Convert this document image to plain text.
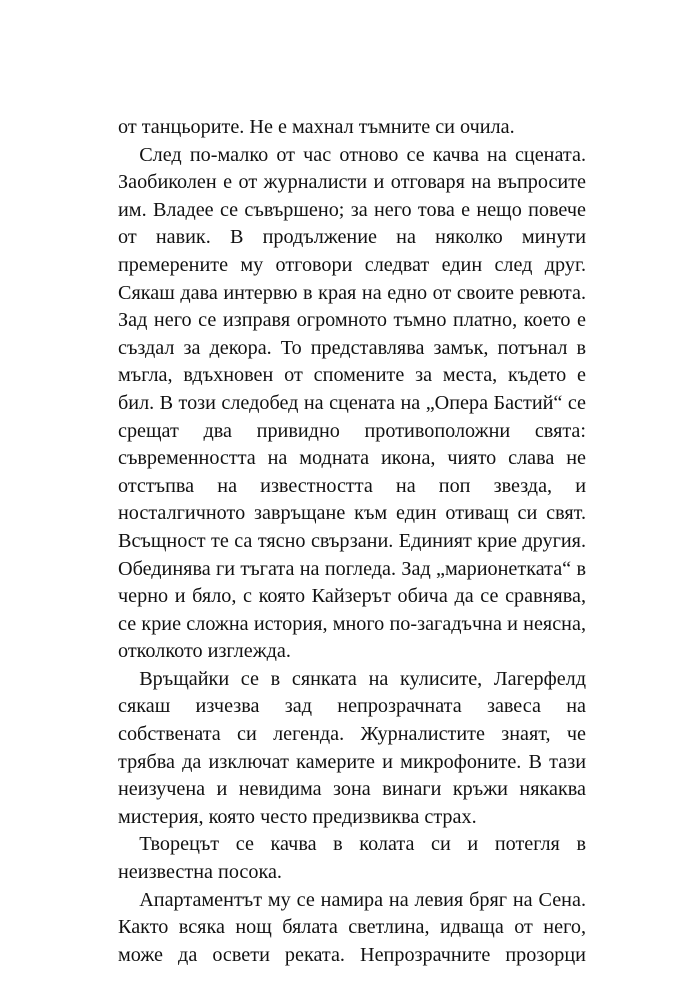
от танцьорите. Не е махнал тъмните си очила.

След по-малко от час отново се качва на сцената.
Заобиколен е от журналисти и отговаря на въпросите
им. Владее се съвършено; за него това е нещо повече
от навик. В продължение на няколко минути
премерените му отговори следват един след друг.
Сякаш дава интервю в края на едно от своите ревюта.
Зад него се изправя огромното тъмно платно, което е
създал за декора. То представлява замък, потънал в
мъгла, вдъхновен от спомените за места, където е
бил. В този следобед на сцената на „Опера Бастий“ се
срещат два привидно противоположни свята:
съвременността на модната икона, чиято слава не
отстъпва на известността на поп звезда, и
носталгичното завръщане към един отиващ си свят.
Всъщност те са тясно свързани. Единият крие другия.
Обединява ги тъгата на погледа. Зад „марионетката“ в
черно и бяло, с която Кайзерът обича да се сравнява,
се крие сложна история, много по-загадъчна и неясна,
отколкото изглежда.

Връщайки се в сянката на кулисите, Лагерфелд
сякаш изчезва зад непрозрачната завеса на
собствената си легенда. Журналистите знаят, че
трябва да изключат камерите и микрофоните. В тази
неизучена и невидима зона винаги кръжи някаква
мистерия, която често предизвиква страх.

Творецът се качва в колата си и потегля в
неизвестна посока.

Апартаментът му се намира на левия бряг на Сена.
Както всяка нощ бялата светлина, идваща от него,
може да освети реката. Непрозрачните прозорци
